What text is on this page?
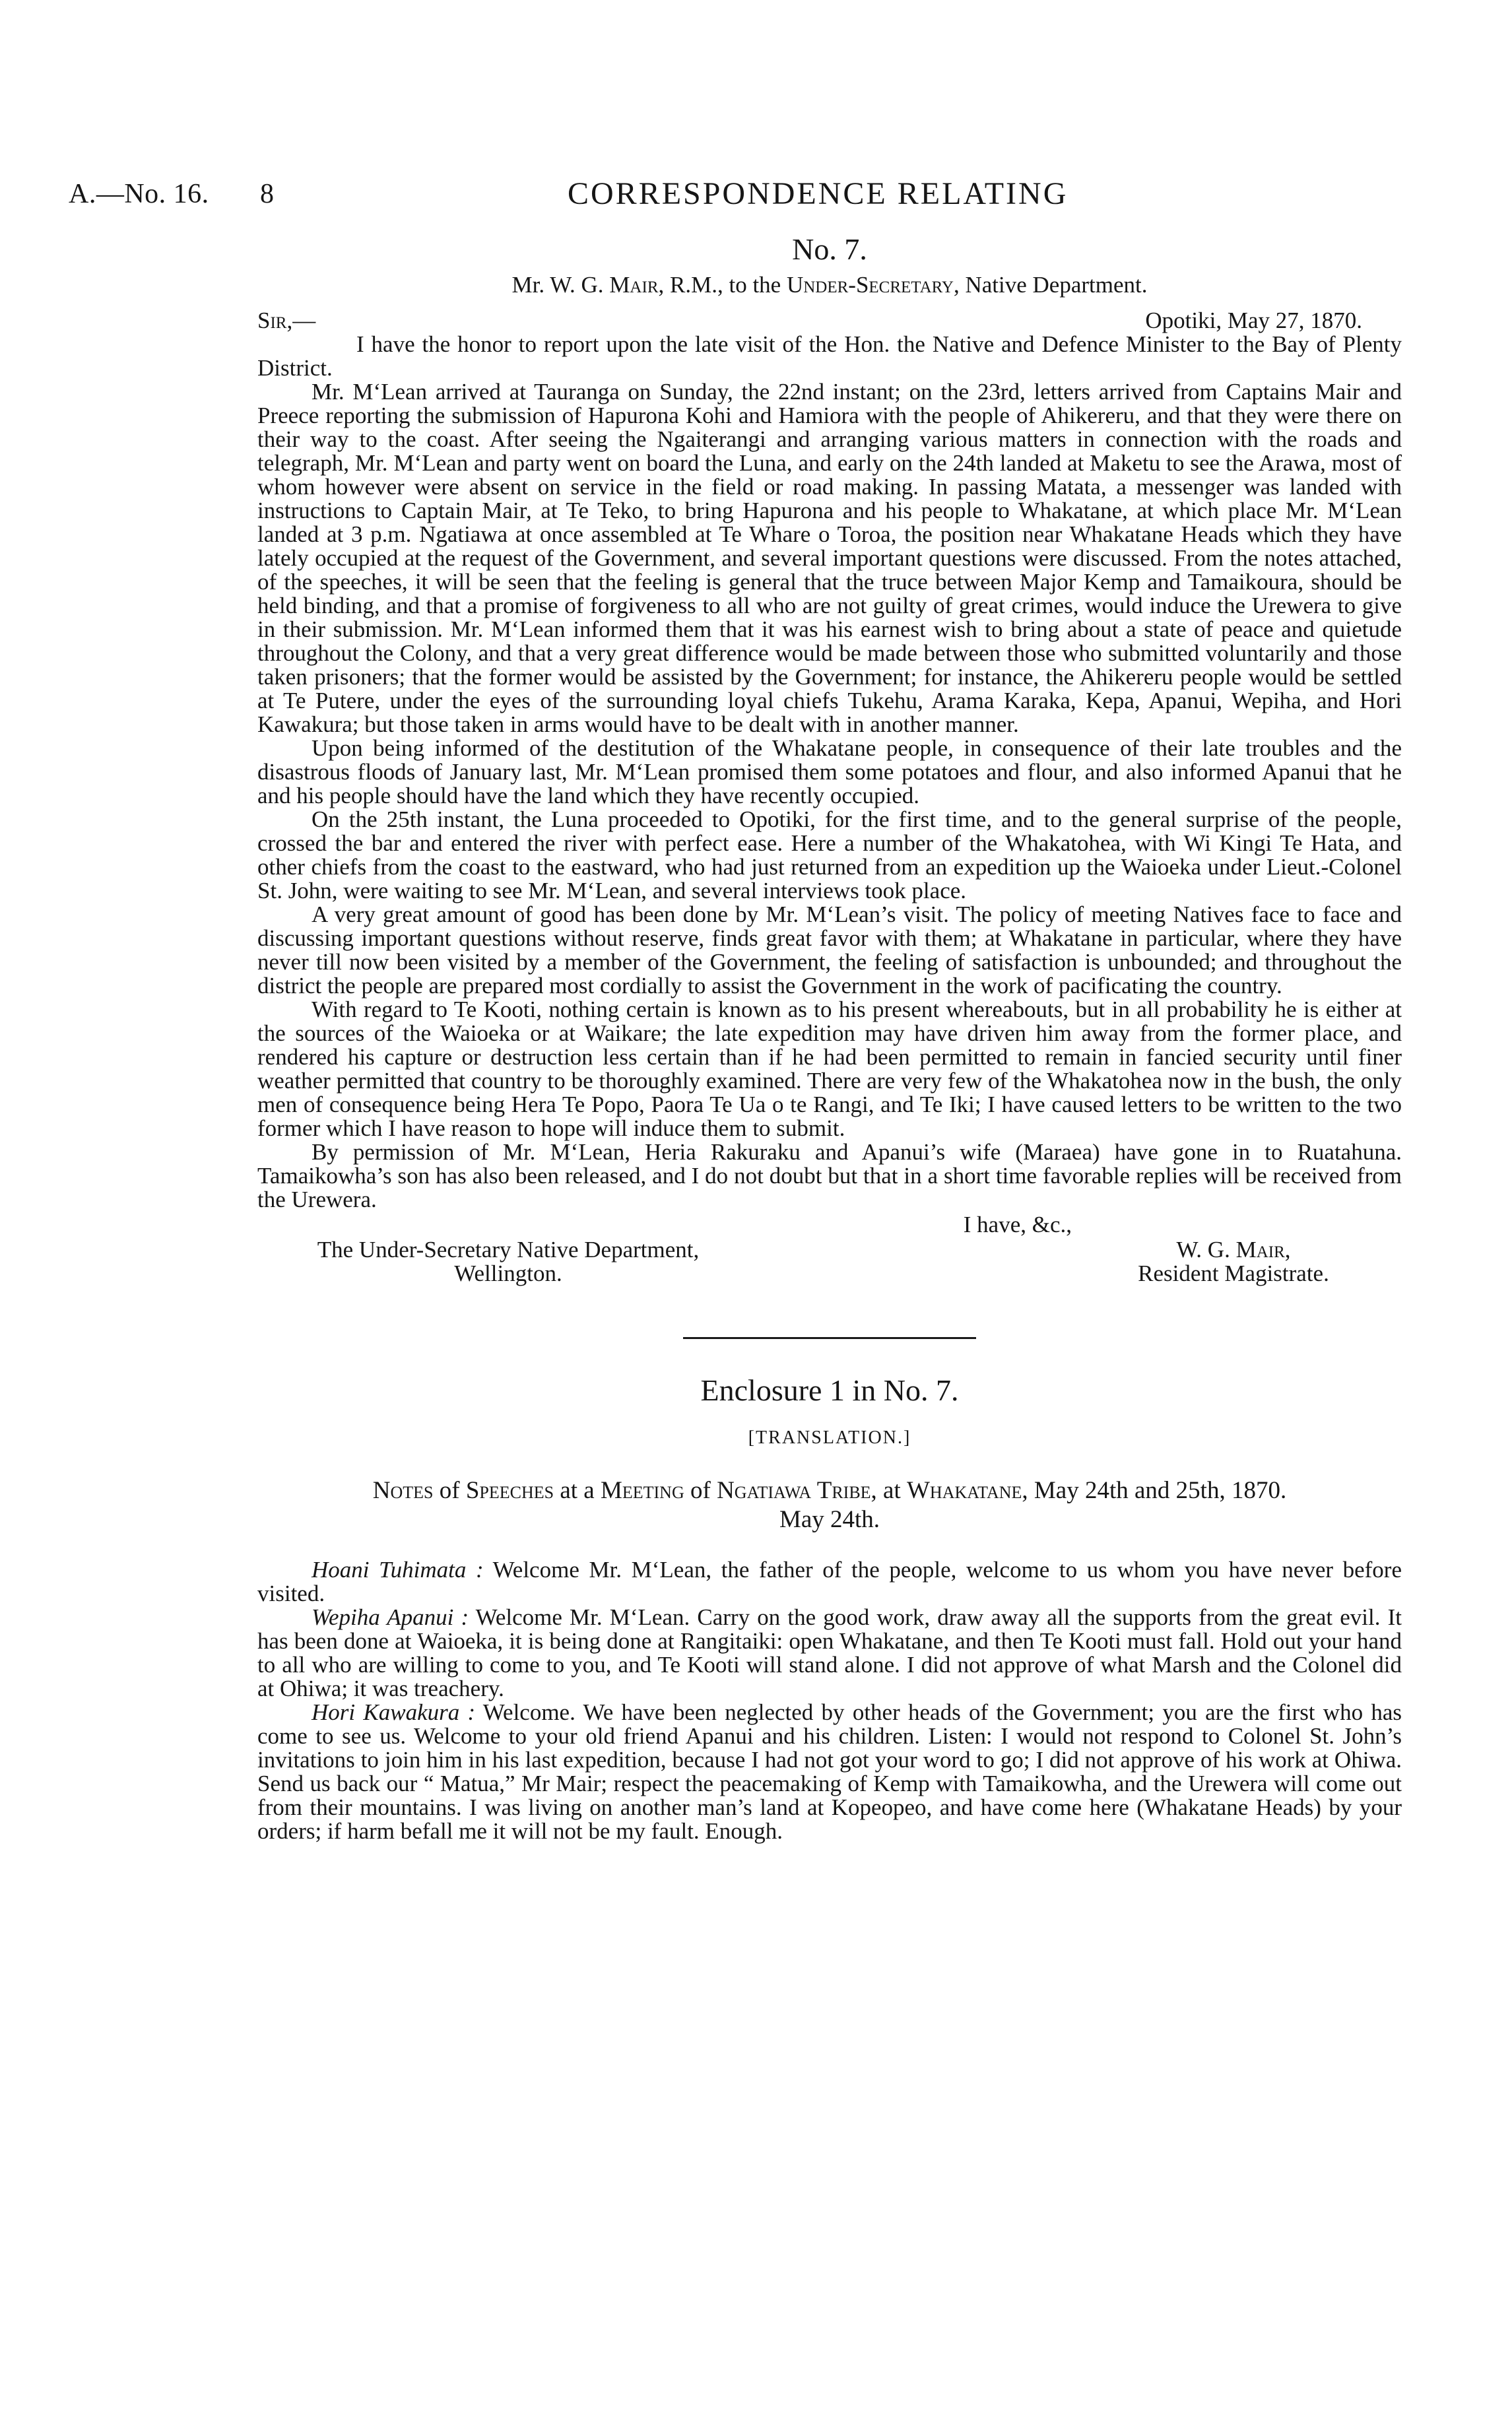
A.—No. 16. 8	CORRESPONDENCE RELATING
No. 7.
Mr. W. G. Mair, R.M., to the Under-Secretary, Native Department.
Sir,—	Opotiki, May 27, 1870.

I have the honor to report upon the late visit of the Hon. the Native and Defence Minister to the Bay of Plenty District.

Mr. M‘Lean arrived at Tauranga on Sunday, the 22nd instant; on the 23rd, letters arrived from Captains Mair and Preece reporting the submission of Hapurona Kohi and Hamiora with the people of Ahikereru, and that they were there on their way to the coast. After seeing the Ngaiterangi and arranging various matters in connection with the roads and telegraph, Mr. M‘Lean and party went on board the Luna, and early on the 24th landed at Maketu to see the Arawa, most of whom however were absent on service in the field or road making. In passing Matata, a messenger was landed with instructions to Captain Mair, at Te Teko, to bring Hapurona and his people to Whakatane, at which place Mr. M‘Lean landed at 3 p.m. Ngatiawa at once assembled at Te Whare o Toroa, the position near Whakatane Heads which they have lately occupied at the request of the Government, and several important questions were discussed. From the notes attached, of the speeches, it will be seen that the feeling is general that the truce between Major Kemp and Tamaikoura, should be held binding, and that a promise of forgiveness to all who are not guilty of great crimes, would induce the Urewera to give in their submission. Mr. M‘Lean informed them that it was his earnest wish to bring about a state of peace and quietude throughout the Colony, and that a very great difference would be made between those who submitted voluntarily and those taken prisoners; that the former would be assisted by the Government; for instance, the Ahikereru people would be settled at Te Putere, under the eyes of the surrounding loyal chiefs Tukehu, Arama Karaka, Kepa, Apanui, Wepiha, and Hori Kawakura; but those taken in arms would have to be dealt with in another manner.

Upon being informed of the destitution of the Whakatane people, in consequence of their late troubles and the disastrous floods of January last, Mr. M‘Lean promised them some potatoes and flour, and also informed Apanui that he and his people should have the land which they have recently occupied.

On the 25th instant, the Luna proceeded to Opotiki, for the first time, and to the general surprise of the people, crossed the bar and entered the river with perfect ease. Here a number of the Whakatohea, with Wi Kingi Te Hata, and other chiefs from the coast to the eastward, who had just returned from an expedition up the Waioeka under Lieut.-Colonel St. John, were waiting to see Mr. M‘Lean, and several interviews took place.

A very great amount of good has been done by Mr. M‘Lean’s visit. The policy of meeting Natives face to face and discussing important questions without reserve, finds great favor with them; at Whakatane in particular, where they have never till now been visited by a member of the Government, the feeling of satisfaction is unbounded; and throughout the district the people are prepared most cordially to assist the Government in the work of pacificating the country.

With regard to Te Kooti, nothing certain is known as to his present whereabouts, but in all probability he is either at the sources of the Waioeka or at Waikare; the late expedition may have driven him away from the former place, and rendered his capture or destruction less certain than if he had been permitted to remain in fancied security until finer weather permitted that country to be thoroughly examined. There are very few of the Whakatohea now in the bush, the only men of consequence being Hera Te Popo, Paora Te Ua o te Rangi, and Te Iki; I have caused letters to be written to the two former which I have reason to hope will induce them to submit.

By permission of Mr. M‘Lean, Heria Rakuraku and Apanui’s wife (Maraea) have gone in to Ruatahuna. Tamaikowha’s son has also been released, and I do not doubt but that in a short time favorable replies will be received from the Urewera.

I have, &c.,
The Under-Secretary Native Department,
Wellington.
W. G. Mair,
Resident Magistrate.
Enclosure 1 in No. 7.
[TRANSLATION.]
Notes of Speeches at a Meeting of Ngatiawa Tribe, at Whakatane, May 24th and 25th, 1870.
May 24th.

Hoani Tuhimata : Welcome Mr. M‘Lean, the father of the people, welcome to us whom you have never before visited.

Wepiha Apanui : Welcome Mr. M‘Lean. Carry on the good work, draw away all the supports from the great evil. It has been done at Waioeka, it is being done at Rangitaiki: open Whakatane, and then Te Kooti must fall. Hold out your hand to all who are willing to come to you, and Te Kooti will stand alone. I did not approve of what Marsh and the Colonel did at Ohiwa; it was treachery.

Hori Kawakura : Welcome. We have been neglected by other heads of the Government; you are the first who has come to see us. Welcome to your old friend Apanui and his children. Listen: I would not respond to Colonel St. John’s invitations to join him in his last expedition, because I had not got your word to go; I did not approve of his work at Ohiwa. Send us back our “ Matua,” Mr Mair; respect the peacemaking of Kemp with Tamaikowha, and the Urewera will come out from their mountains. I was living on another man’s land at Kopeopeo, and have come here (Whakatane Heads) by your orders; if harm befall me it will not be my fault. Enough.
